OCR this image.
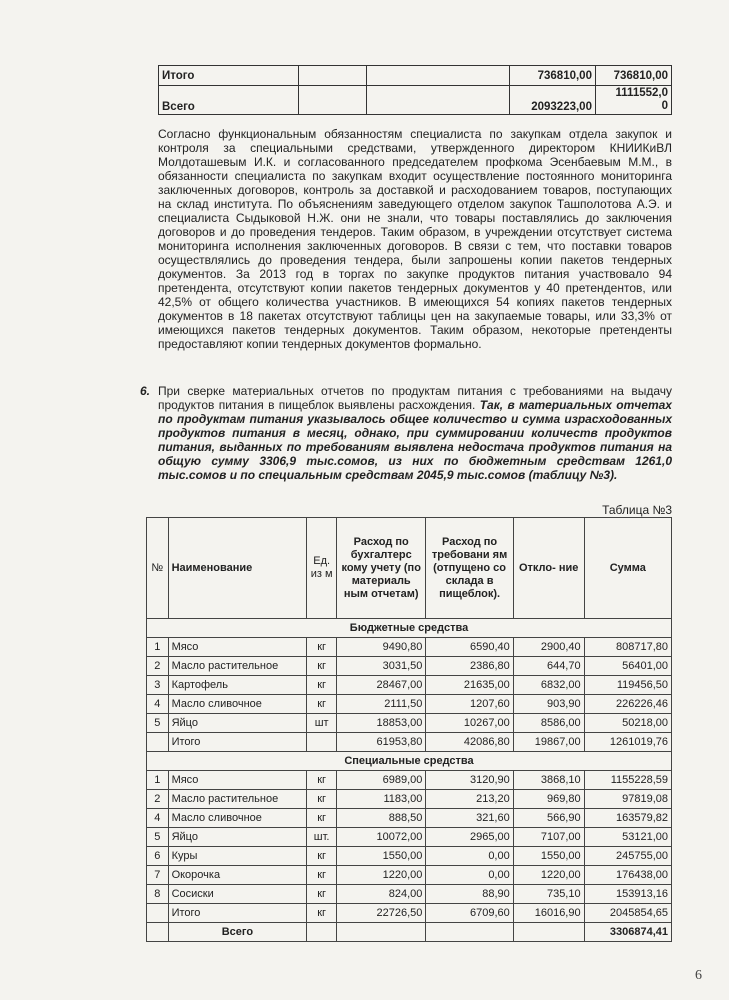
Итого			736810,00	736810,00
Всего			2093223,00	1111552,0
0

Согласно функциональным обязанностям специалиста по закупкам отдела закупок и контроля за специальными средствами, утвержденного директором КНИИКиВЛ Молдоташевым И.К. и согласованного председателем профкома Эсенбаевым М.М., в обязанности специалиста по закупкам входит осуществление постоянного мониторинга заключенных договоров, контроль за доставкой и расходованием товаров, поступающих на склад института. По объяснениям заведующего отделом закупок Ташполотова А.Э. и специалиста Сыдыковой Н.Ж. они не знали, что товары поставлялись до заключения договоров и до проведения тендеров. Таким образом, в учреждении отсутствует система мониторинга исполнения заключенных договоров. В связи с тем, что поставки товаров осуществлялись до проведения тендера, были запрошены копии пакетов тендерных документов. За 2013 год в торгах по закупке продуктов питания участвовало 94 претендента, отсутствуют копии пакетов тендерных документов у 40 претендентов, или 42,5% от общего количества участников. В имеющихся 54 копиях пакетов тендерных документов в 18 пакетах отсутствуют таблицы цен на закупаемые товары, или 33,3% от имеющихся пакетов тендерных документов. Таким образом, некоторые претенденты предоставляют копии тендерных документов формально.

6. При сверке материальных отчетов по продуктам питания с требованиями на выдачу продуктов питания в пищеблок выявлены расхождения. Так, в материальных отчетах по продуктам питания указывалось общее количество и сумма израсходованных продуктов питания в месяц, однако, при суммировании количеств продуктов питания, выданных по требованиям выявлена недостача продуктов питания на общую сумму 3306,9 тыс.сомов, из них по бюджетным средствам 1261,0 тыс.сомов и по специальным средствам 2045,9 тыс.сомов (таблицу №3).
Таблица №3
№	Наименование	Ед. из м	Расход по бухгалтерс кому учету (по материаль ным отчетам)	Расход по требовани ям (отпущено со склада в пищеблок).	Откло- ние	Сумма
Бюджетные средства						
1	Мясо	кг	9490,80	6590,40	2900,40	808717,80
2	Масло растительное	кг	3031,50	2386,80	644,70	56401,00
3	Картофель	кг	28467,00	21635,00	6832,00	119456,50
4	Масло сливочное	кг	2111,50	1207,60	903,90	226226,46
5	Яйцо	шт	18853,00	10267,00	8586,00	50218,00
	Итого		61953,80	42086,80	19867,00	1261019,76
Специальные средства						
1	Мясо	кг	6989,00	3120,90	3868,10	1155228,59
2	Масло растительное	кг	1183,00	213,20	969,80	97819,08
4	Масло сливочное	кг	888,50	321,60	566,90	163579,82
5	Яйцо	шт.	10072,00	2965,00	7107,00	53121,00
6	Куры	кг	1550,00	0,00	1550,00	245755,00
7	Окорочка	кг	1220,00	0,00	1220,00	176438,00
8	Сосиски	кг	824,00	88,90	735,10	153913,16
	Итого	кг	22726,50	6709,60	16016,90	2045854,65
	Всего					3306874,41
6
